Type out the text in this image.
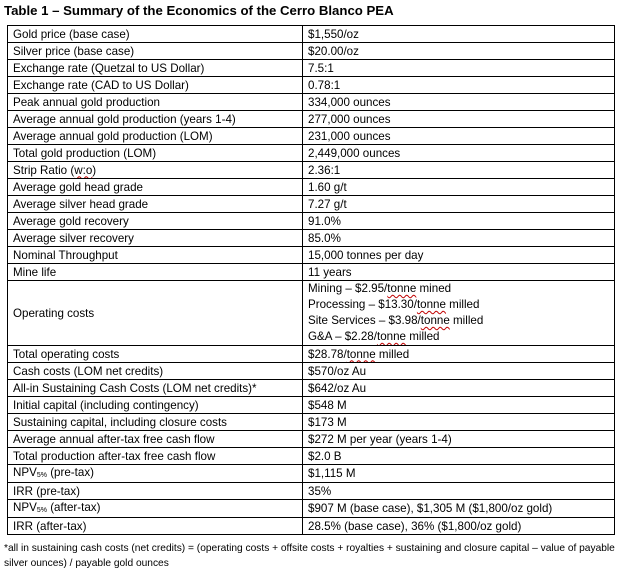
Table 1 – Summary of the Economics of the Cerro Blanco PEA
Gold price (base case)	$1,550/oz
Silver price (base case)	$20.00/oz
Exchange rate (Quetzal to US Dollar)	7.5:1
Exchange rate (CAD to US Dollar)	0.78:1
Peak annual gold production	334,000 ounces
Average annual gold production (years 1-4)	277,000 ounces
Average annual gold production (LOM)	231,000 ounces
Total gold production (LOM)	2,449,000 ounces
Strip Ratio (w:o)	2.36:1
Average gold head grade	1.60 g/t
Average silver head grade	7.27 g/t
Average gold recovery	91.0%
Average silver recovery	85.0%
Nominal Throughput	15,000 tonnes per day
Mine life	11 years
Operating costs	Mining – $2.95/tonne mined
Processing – $13.30/tonne milled
Site Services – $3.98/tonne milled
G&A – $2.28/tonne milled

Total operating costs	$28.78/tonne milled
Cash costs (LOM net credits)	$570/oz Au
All-in Sustaining Cash Costs (LOM net credits)*	$642/oz Au
Initial capital (including contingency)	$548 M
Sustaining capital, including closure costs	$173 M
Average annual after-tax free cash flow	$272 M per year (years 1-4)
Total production after-tax free cash flow	$2.0 B
$NPV_{5\%}$ (pre-tax)	$1,115 M
IRR (pre-tax)	35%
$NPV_{5\%}$ (after-tax)	$907 M (base case), $1,305 M ($1,800/oz gold)
IRR (after-tax)	28.5% (base case), 36% ($1,800/oz gold)
*all in sustaining cash costs (net credits) = (operating costs + offsite costs + royalties + sustaining and closure capital – value of payable silver ounces) / payable gold ounces
